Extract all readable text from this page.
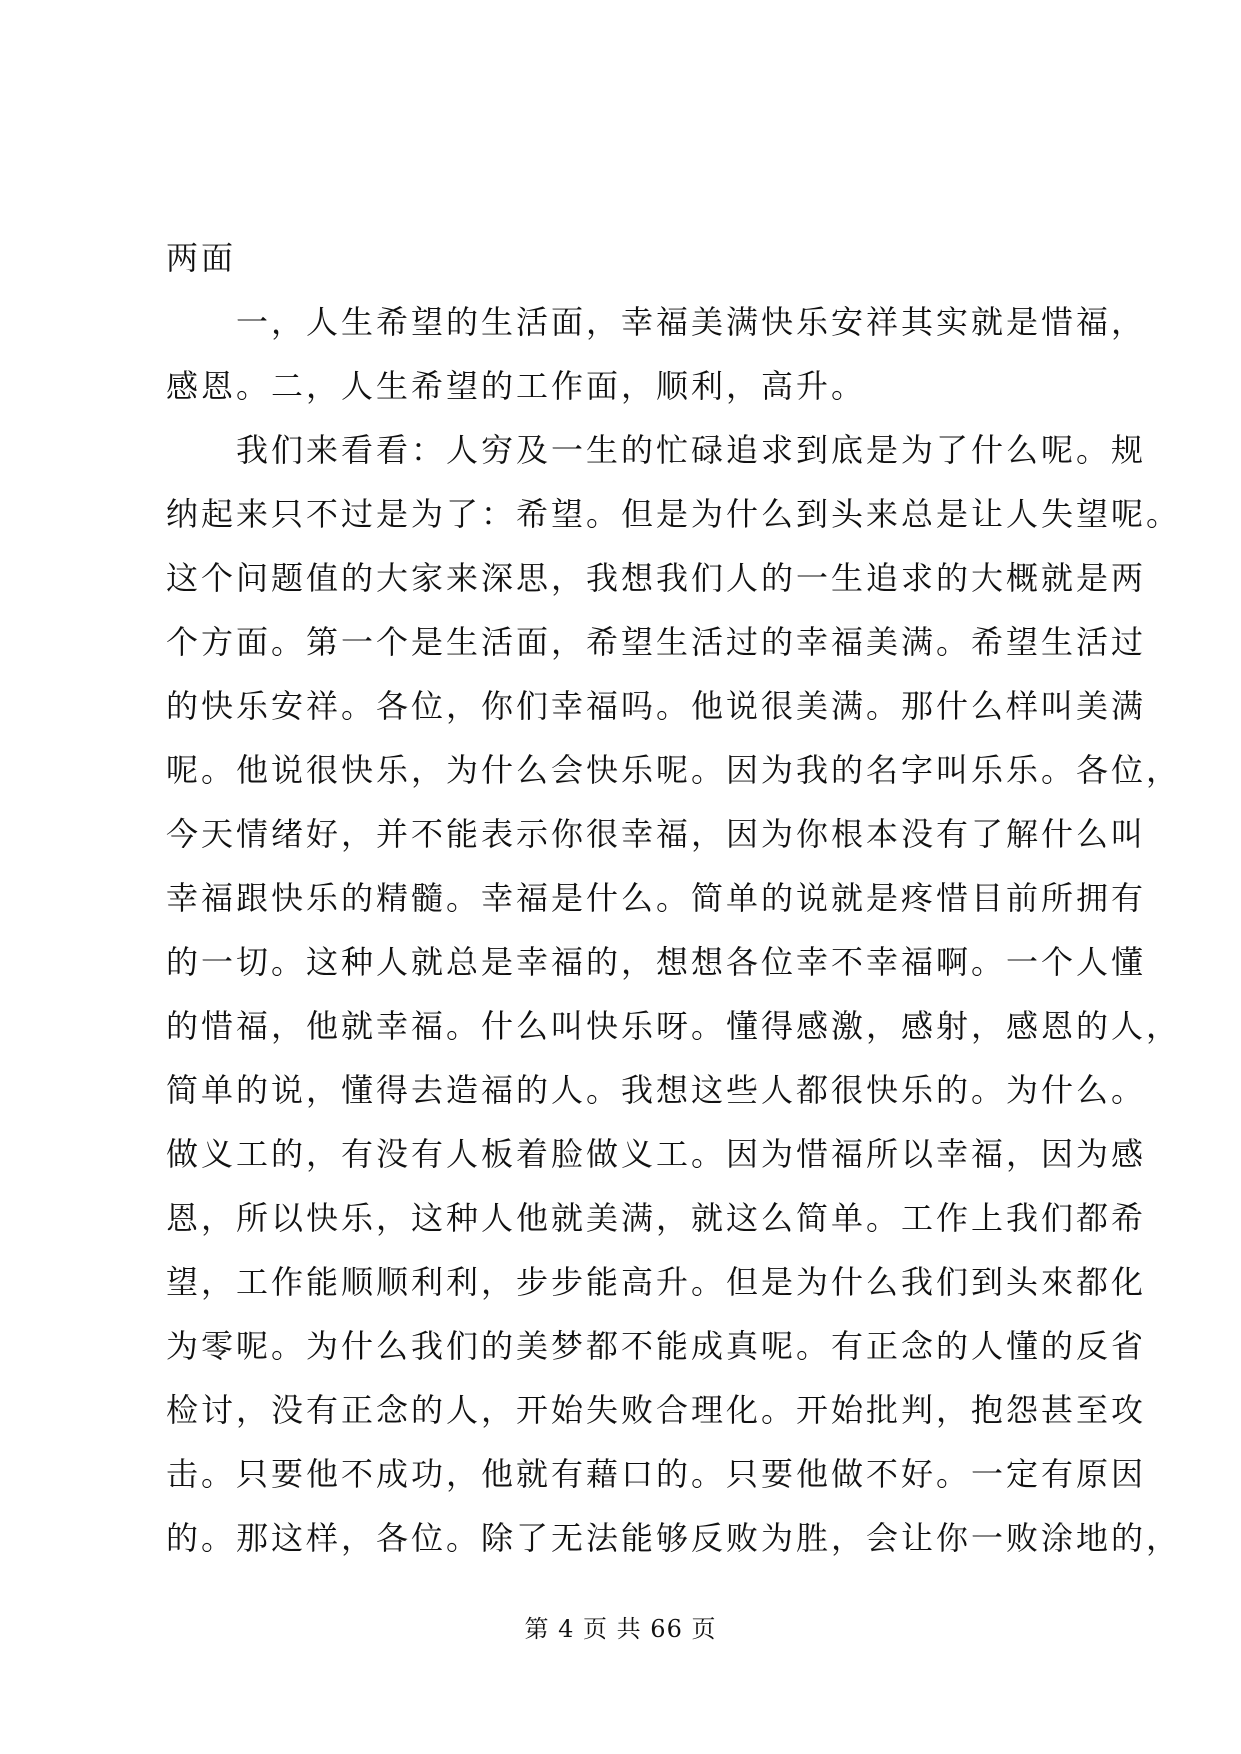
两面

一，人生希望的生活面，幸福美满快乐安祥其实就是惜福，
感恩。二，人生希望的工作面，顺利，高升。

我们来看看：人穷及一生的忙碌追求到底是为了什么呢。规
纳起来只不过是为了：希望。但是为什么到头来总是让人失望呢。
这个问题值的大家来深思，我想我们人的一生追求的大概就是两
个方面。第一个是生活面，希望生活过的幸福美满。希望生活过
的快乐安祥。各位，你们幸福吗。他说很美满。那什么样叫美满
呢。他说很快乐，为什么会快乐呢。因为我的名字叫乐乐。各位，
今天情绪好，并不能表示你很幸福，因为你根本没有了解什么叫
幸福跟快乐的精髓。幸福是什么。简单的说就是疼惜目前所拥有
的一切。这种人就总是幸福的，想想各位幸不幸福啊。一个人懂
的惜福，他就幸福。什么叫快乐呀。懂得感激，感射，感恩的人，
简单的说，懂得去造福的人。我想这些人都很快乐的。为什么。
做义工的，有没有人板着脸做义工。因为惜福所以幸福，因为感
恩，所以快乐，这种人他就美满，就这么简单。工作上我们都希
望，工作能顺顺利利，步步能高升。但是为什么我们到头來都化
为零呢。为什么我们的美梦都不能成真呢。有正念的人懂的反省
检讨，没有正念的人，开始失败合理化。开始批判，抱怨甚至攻
击。只要他不成功，他就有藉口的。只要他做不好。一定有原因
的。那这样，各位。除了无法能够反败为胜，会让你一败涂地的，

第 4 页 共 66 页
